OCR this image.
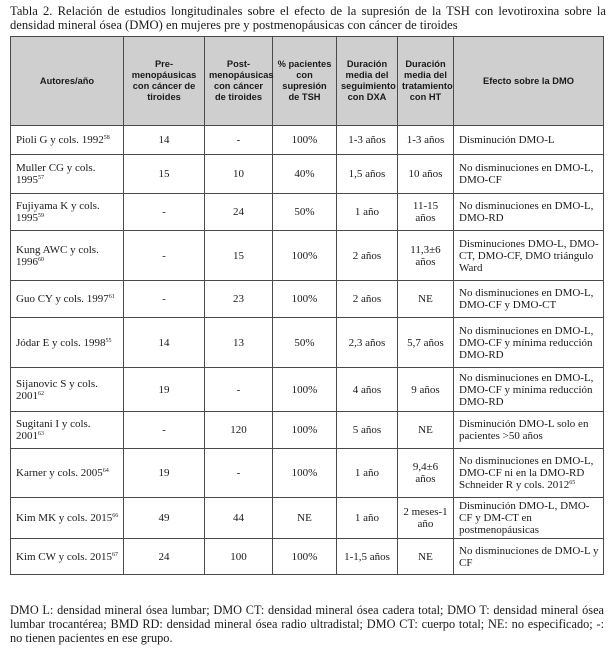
Tabla 2. Relación de estudios longitudinales sobre el efecto de la supresión de la TSH con levotiroxina sobre la densidad mineral ósea (DMO) en mujeres pre y postmenopáusicas con cáncer de tiroides
Autores/año	Pre-menopáusicas con cáncer de tiroides	Post-menopáusicas con cáncer de tiroides	% pacientes con supresión de TSH	Duración media del seguimiento con DXA	Duración media del tratamiento con HT	Efecto sobre la DMO
Pioli G y cols. 1992$^{58}$	14	-	100%	1-3 años	1-3 años	Disminución DMO-L
Muller CG y cols. 1995$^{57}$	15	10	40%	1,5 años	10 años	No disminuciones en DMO-L, DMO-CF
Fujiyama K y cols. 1995$^{59}$	-	24	50%	1 año	11-15 años	No disminuciones en DMO-L, DMO-RD
Kung AWC y cols. 1996$^{60}$	-	15	100%	2 años	11,3±6 años	Disminuciones DMO-L, DMO-CT, DMO-CF, DMO triángulo Ward
Guo CY y cols. 1997$^{61}$	-	23	100%	2 años	NE	No disminuciones en DMO-L, DMO-CF y DMO-CT
Jódar E y cols. 1998$^{55}$	14	13	50%	2,3 años	5,7 años	No disminuciones en DMO-L, DMO-CF y mínima reducción DMO-RD
Sijanovic S y cols. 2001$^{62}$	19	-	100%	4 años	9 años	No disminuciones en DMO-L, DMO-CF y mínima reducción DMO-RD
Sugitani I y cols. 2001$^{63}$	-	120	100%	5 años	NE	Disminución DMO-L solo en pacientes >50 años
Karner y cols. 2005$^{64}$	19	-	100%	1 año	9,4±6 años	No disminuciones en DMO-L, DMO-CF ni en la DMO-RD Schneider R y cols. 2012$^{65}$
Kim MK y cols. 2015$^{66}$	49	44	NE	1 año	2 meses-1 año	Disminución DMO-L, DMO-CF y DM-CT en postmenopáusicas
Kim CW y cols. 2015$^{67}$	24	100	100%	1-1,5 años	NE	No disminuciones de DMO-L y CF
DMO L: densidad mineral ósea lumbar; DMO CT: densidad mineral ósea cadera total; DMO T: densidad mineral ósea lumbar trocantérea; BMD RD: densidad mineral ósea radio ultradistal; DMO CT: cuerpo total; NE: no especificado; -: no tienen pacientes en ese grupo.
